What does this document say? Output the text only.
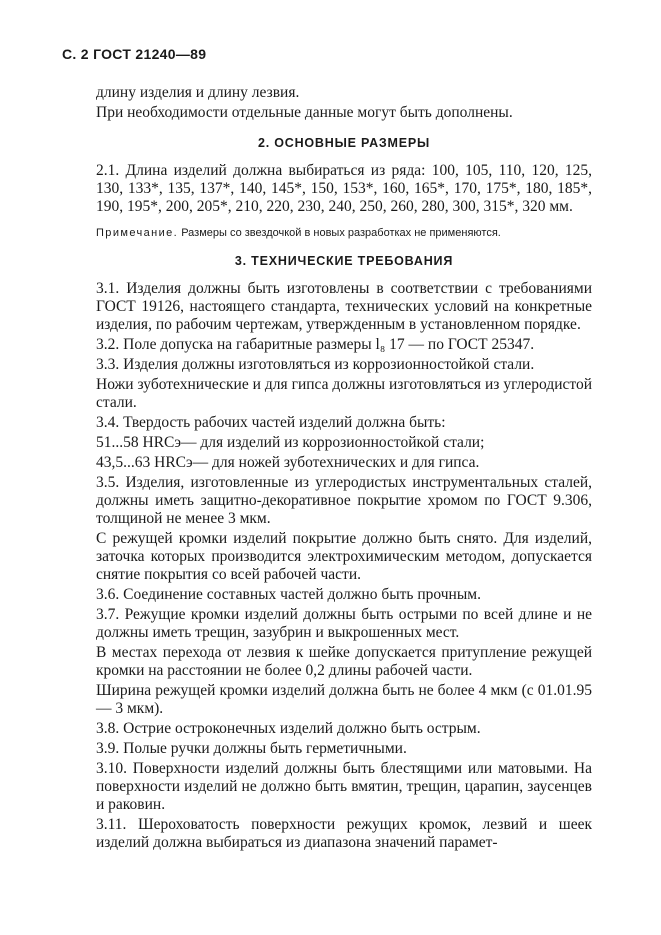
С. 2 ГОСТ 21240—89

длину изделия и длину лезвия.

При необходимости отдельные данные могут быть дополнены.

2. ОСНОВНЫЕ РАЗМЕРЫ

2.1. Длина изделий должна выбираться из ряда: 100, 105, 110, 120, 125, 130, 133*, 135, 137*, 140, 145*, 150, 153*, 160, 165*, 170, 175*, 180, 185*, 190, 195*, 200, 205*, 210, 220, 230, 240, 250, 260, 280, 300, 315*, 320 мм.

Примечание. Размеры со звездочкой в новых разработках не применяются.

3. ТЕХНИЧЕСКИЕ ТРЕБОВАНИЯ

3.1. Изделия должны быть изготовлены в соответствии с требованиями ГОСТ 19126, настоящего стандарта, технических условий на конкретные изделия, по рабочим чертежам, утвержденным в установленном порядке.

3.2. Поле допуска на габаритные размеры l₈ 17 — по ГОСТ 25347.

3.3. Изделия должны изготовляться из коррозионностойкой стали.

Ножи зуботехнические и для гипса должны изготовляться из углеродистой стали.

3.4. Твердость рабочих частей изделий должна быть:

51...58 HRCэ— для изделий из коррозионностойкой стали;

43,5...63 HRCэ— для ножей зуботехнических и для гипса.

3.5. Изделия, изготовленные из углеродистых инструментальных сталей, должны иметь защитно-декоративное покрытие хромом по ГОСТ 9.306, толщиной не менее 3 мкм.

С режущей кромки изделий покрытие должно быть снято. Для изделий, заточка которых производится электрохимическим методом, допускается снятие покрытия со всей рабочей части.

3.6. Соединение составных частей должно быть прочным.

3.7. Режущие кромки изделий должны быть острыми по всей длине и не должны иметь трещин, зазубрин и выкрошенных мест.

В местах перехода от лезвия к шейке допускается притупление режущей кромки на расстоянии не более 0,2 длины рабочей части.

Ширина режущей кромки изделий должна быть не более 4 мкм (с 01.01.95 — 3 мкм).

3.8. Острие остроконечных изделий должно быть острым.

3.9. Полые ручки должны быть герметичными.

3.10. Поверхности изделий должны быть блестящими или матовыми. На поверхности изделий не должно быть вмятин, трещин, царапин, заусенцев и раковин.

3.11. Шероховатость поверхности режущих кромок, лезвий и шеек изделий должна выбираться из диапазона значений парамет-
